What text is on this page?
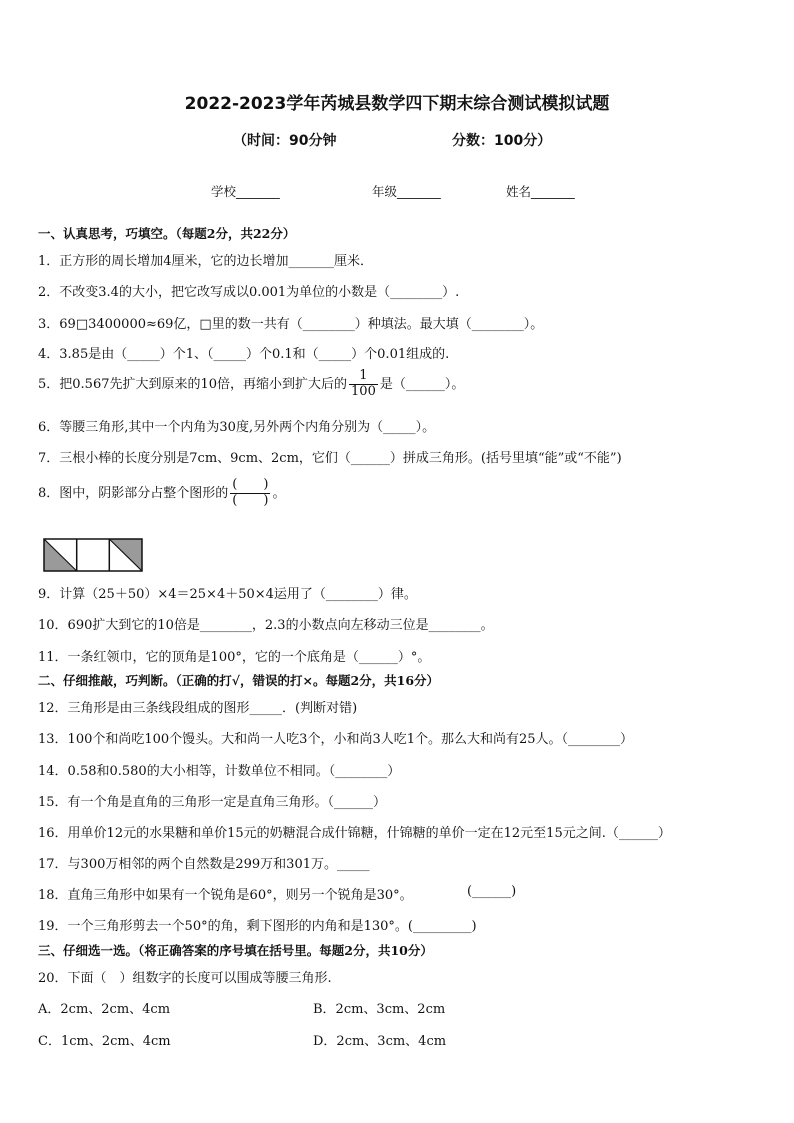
2022-2023学年芮城县数学四下期末综合测试模拟试题
（时间：90分钟	分数：100分）
学校_______	年级_______	姓名_______
一、认真思考，巧填空。（每题2分，共22分）
1．正方形的周长增加4厘米，它的边长增加_______厘米．
2．不改变3.4的大小，把它改写成以0.001为单位的小数是（________）.
3．69□3400000≈69亿，□里的数一共有（________）种填法。最大填（________）。
4．3.85是由（_____）个1、（_____）个0.1和（_____）个0.01组成的.
5．把0.567先扩大到原来的10倍，再缩小到扩大后的 $\frac{1}{100}$ 是（______）。
6．等腰三角形,其中一个内角为30度,另外两个内角分别为（_____）。
7．三根小棒的长度分别是7cm、9cm、2cm，它们（______）拼成三角形。(括号里填“能”或“不能”)
8．图中，阴影部分占整个图形的 $\frac{( )}{( )}$ 。
9．计算（25＋50）×4＝25×4＋50×4运用了（________）律。
10．690扩大到它的10倍是________，2.3的小数点向左移动三位是________。
11．一条红领巾，它的顶角是100°，它的一个底角是（______）°。
二、仔细推敲，巧判断。（正确的打√，错误的打×。每题2分，共16分）
12．三角形是由三条线段组成的图形_____．(判断对错)
13．100个和尚吃100个馒头。大和尚一人吃3个，小和尚3人吃1个。那么大和尚有25人。（________）
14．0.58和0.580的大小相等，计数单位不相同。（________）
15．有一个角是直角的三角形一定是直角三角形。（______）
16．用单价12元的水果糖和单价15元的奶糖混合成什锦糖，什锦糖的单价一定在12元至15元之间.（______）
17．与300万相邻的两个自然数是299万和301万。_____
18．直角三角形中如果有一个锐角是60°，则另一个锐角是30°。	(______)
19．一个三角形剪去一个50°的角，剩下图形的内角和是130°。(_________)
三、仔细选一选。（将正确答案的序号填在括号里。每题2分，共10分）
20．下面（　）组数字的长度可以围成等腰三角形.
A．2cm、2cm、4cm	B．2cm、3cm、2cm
C．1cm、2cm、4cm	D．2cm、3cm、4cm
